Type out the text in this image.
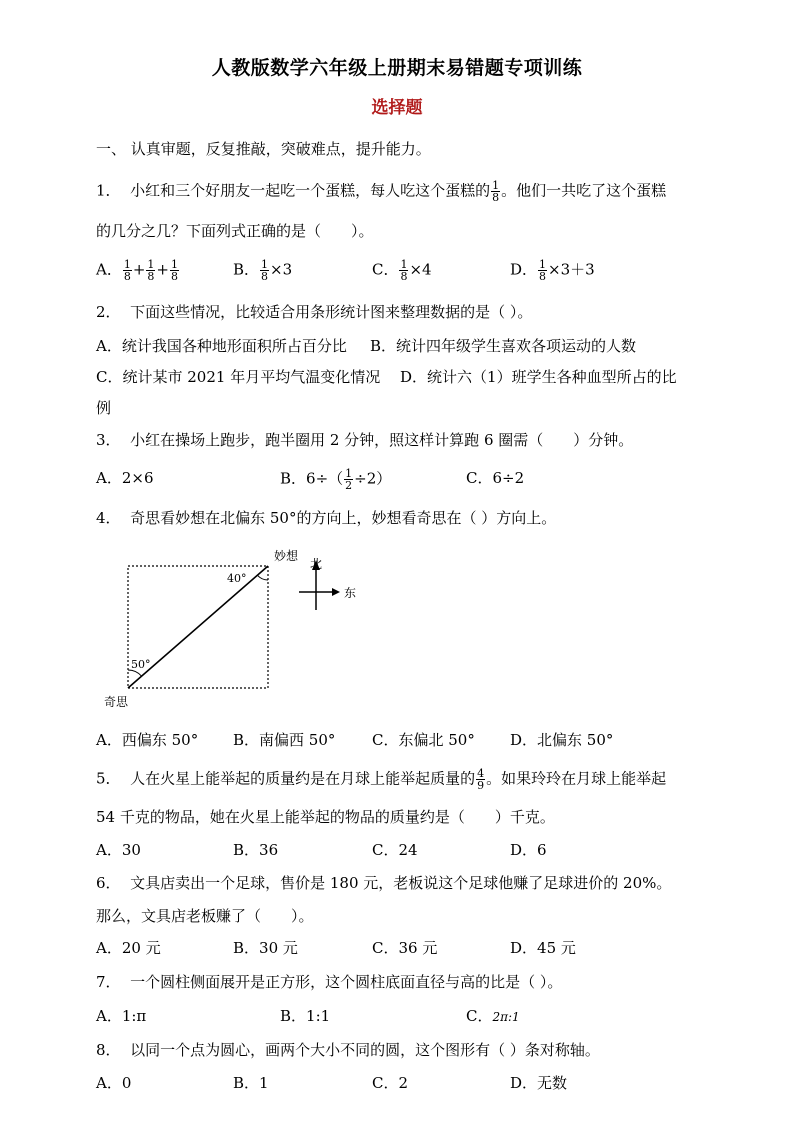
人教版数学六年级上册期末易错题专项训练
选择题
一、 认真审题，反复推敲，突破难点，提升能力。
1． 小红和三个好朋友一起吃一个蛋糕，每人吃这个蛋糕的 $\frac{1}{8}$ 。他们一共吃了这个蛋糕
的几分之几？下面列式正确的是（　　）。
A． $\frac{1}{8} + \frac{1}{8} + \frac{1}{8}$	B． $\frac{1}{8} \times 3$	C． $\frac{1}{8} \times 4$	D． $\frac{1}{8} \times 3+3$
2． 下面这些情况，比较适合用条形统计图来整理数据的是（ ）。
A．统计我国各种地形面积所占百分比 B．统计四年级学生喜欢各项运动的人数
C．统计某市 2021 年月平均气温变化情况 D．统计六（1）班学生各种血型所占的比
例
3． 小红在操场上跑步，跑半圈用 2 分钟，照这样计算跑 6 圈需（　　）分钟。
A．2×6	B．$6\div( \frac{1}{2} \div 2)$	C．6÷2
4． 奇思看妙想在北偏东 50°的方向上，妙想看奇思在（ ）方向上。
50°
40°
妙想
奇思
北
东
A．西偏东 50° B．南偏西 50° C．东偏北 50° D．北偏东 50°
5． 人在火星上能举起的质量约是在月球上能举起质量的 $\frac{4}{9}$ 。如果玲玲在月球上能举起
54 千克的物品，她在火星上能举起的物品的质量约是（　　）千克。
A．30	B．36	C．24	D．6
6． 文具店卖出一个足球，售价是 180 元，老板说这个足球他赚了足球进价的 20%。
那么，文具店老板赚了（　　）。
A．20 元	B．30 元	C．36 元	D．45 元
7． 一个圆柱侧面展开是正方形，这个圆柱底面直径与高的比是（ ）。
A．1:π	B．1:1	C．2π:1
8． 以同一个点为圆心，画两个大小不同的圆，这个图形有（ ）条对称轴。
A．0	B．1	C．2	D．无数
